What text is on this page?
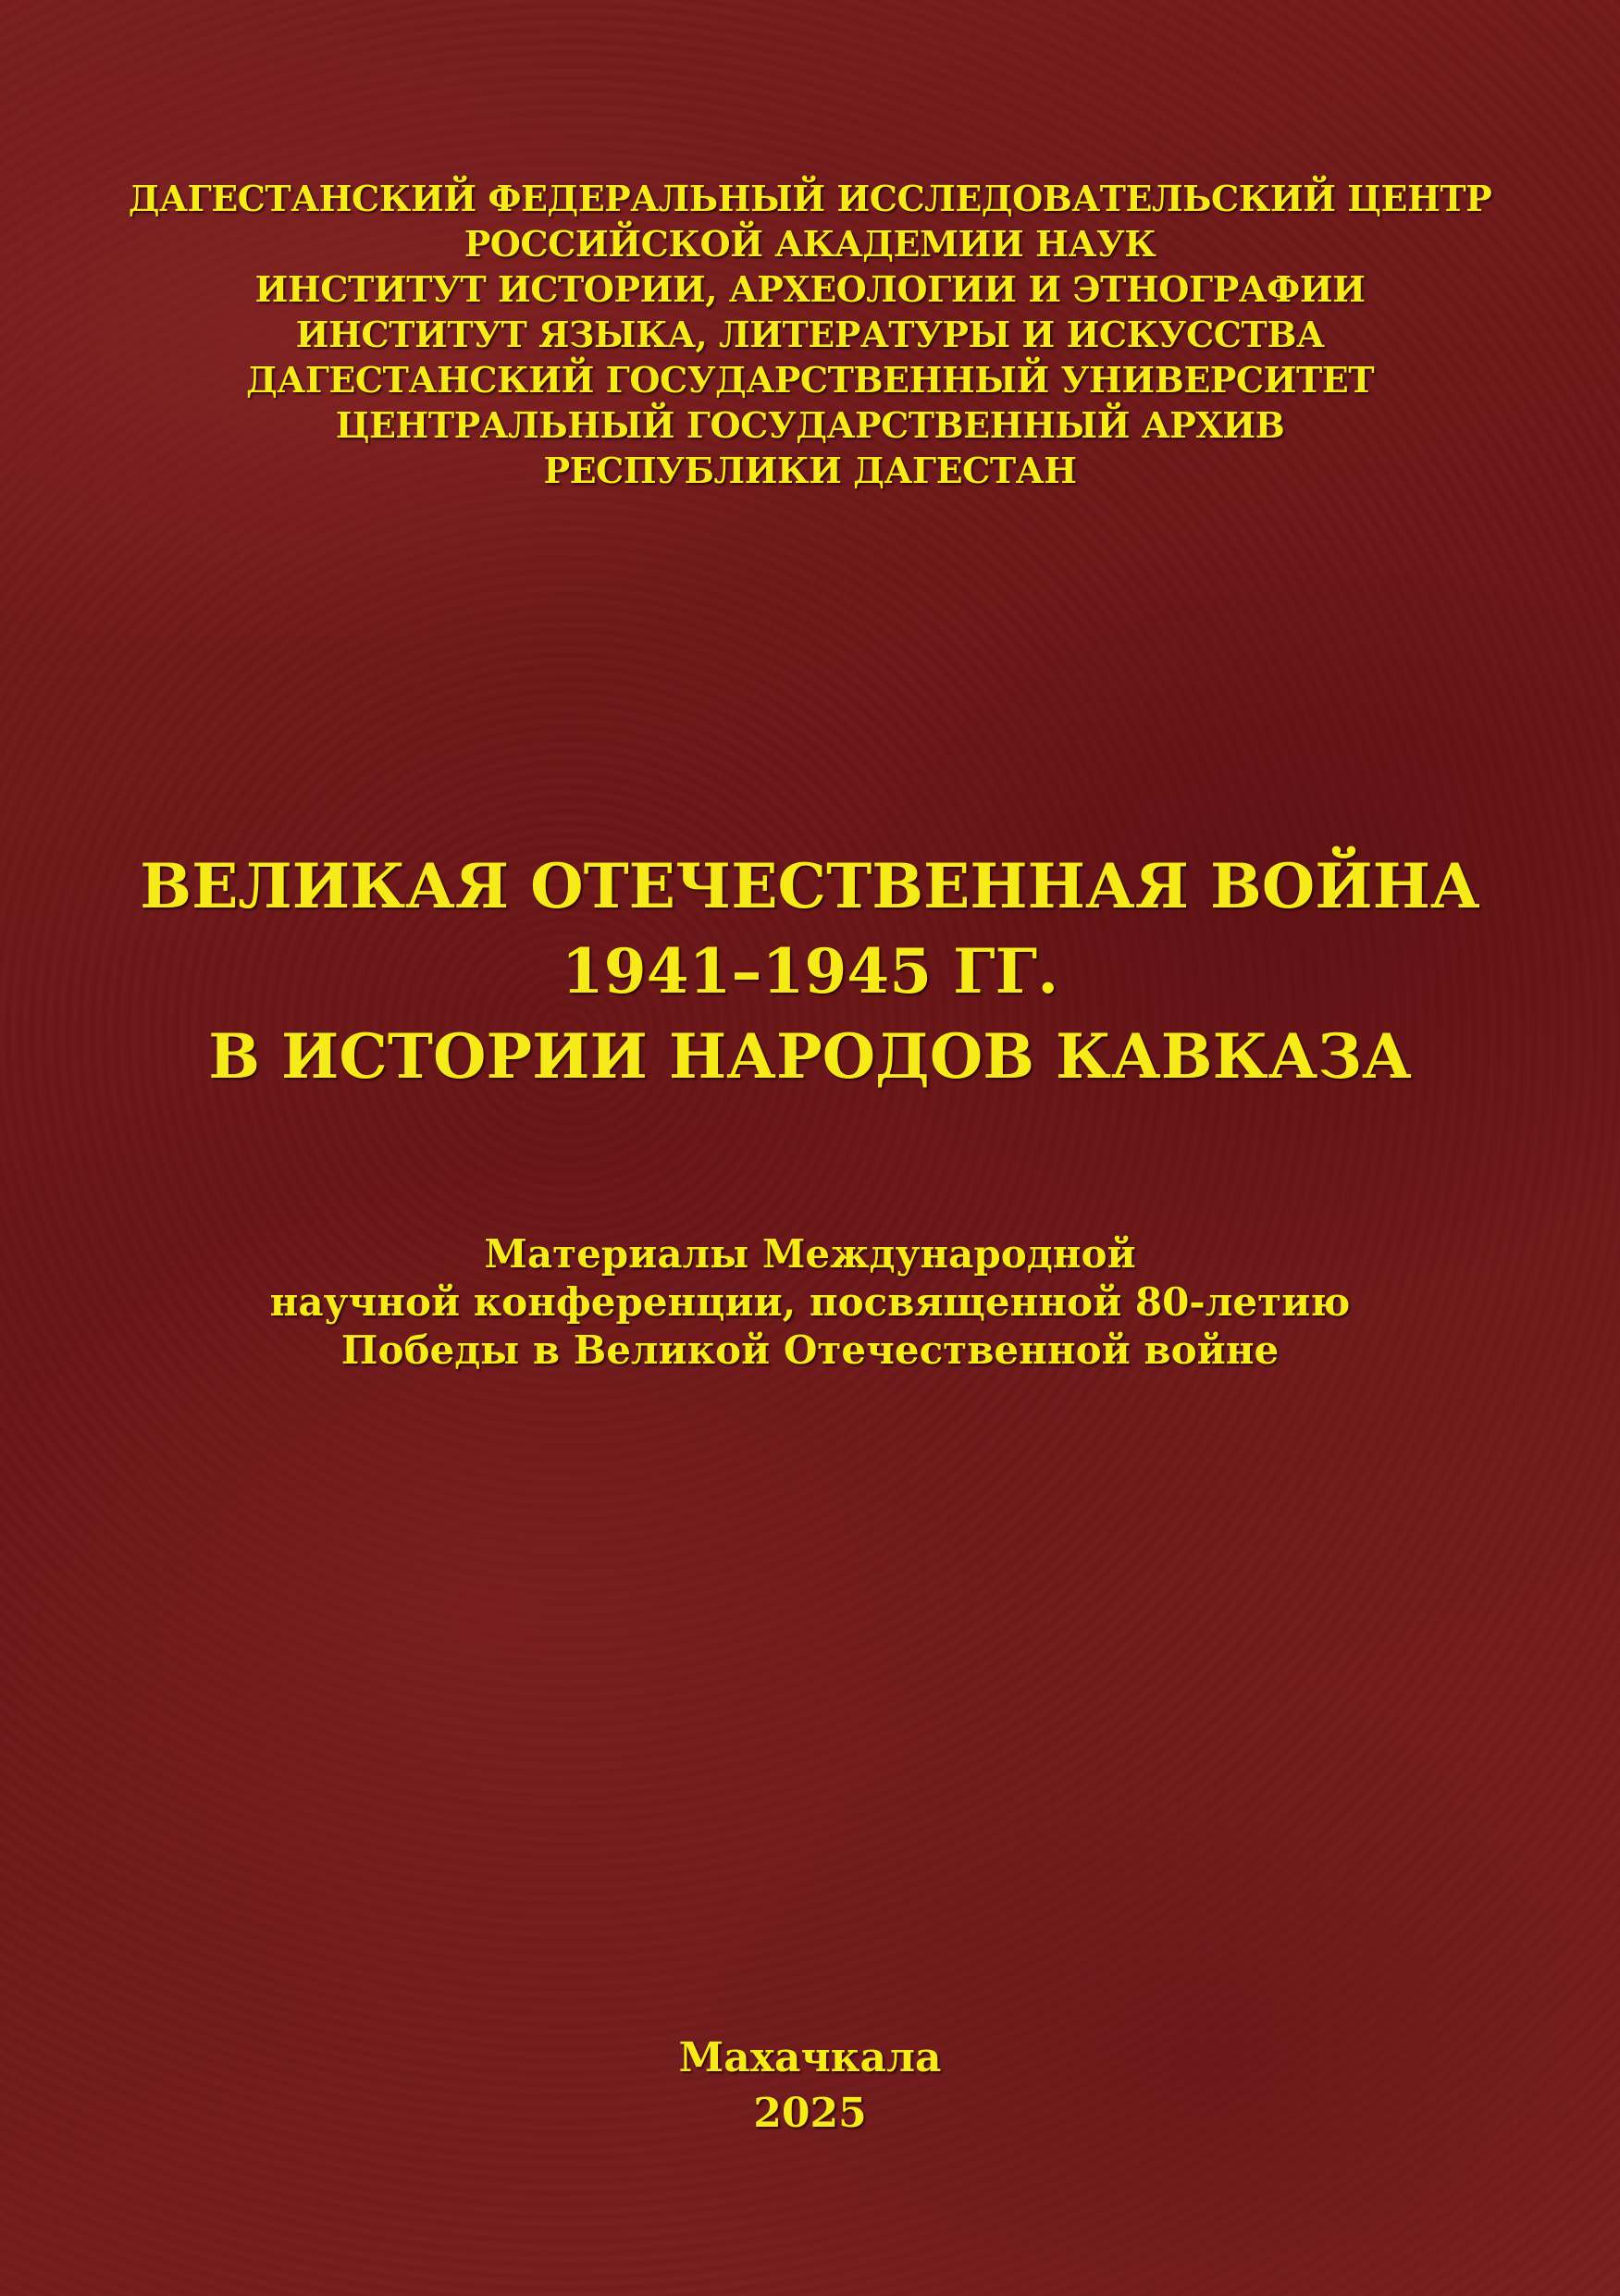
ДАГЕСТАНСКИЙ ФЕДЕРАЛЬНЫЙ ИССЛЕДОВАТЕЛЬСКИЙ ЦЕНТР
РОССИЙСКОЙ АКАДЕМИИ НАУК
ИНСТИТУТ ИСТОРИИ, АРХЕОЛОГИИ И ЭТНОГРАФИИ
ИНСТИТУТ ЯЗЫКА, ЛИТЕРАТУРЫ И ИСКУССТВА
ДАГЕСТАНСКИЙ ГОСУДАРСТВЕННЫЙ УНИВЕРСИТЕТ
ЦЕНТРАЛЬНЫЙ ГОСУДАРСТВЕННЫЙ АРХИВ
РЕСПУБЛИКИ ДАГЕСТАН
ВЕЛИКАЯ ОТЕЧЕСТВЕННАЯ ВОЙНА
1941–1945 ГГ.
В ИСТОРИИ НАРОДОВ КАВКАЗА
Материалы Международной
научной конференции, посвященной 80-летию
Победы в Великой Отечественной войне
Махачкала
2025
